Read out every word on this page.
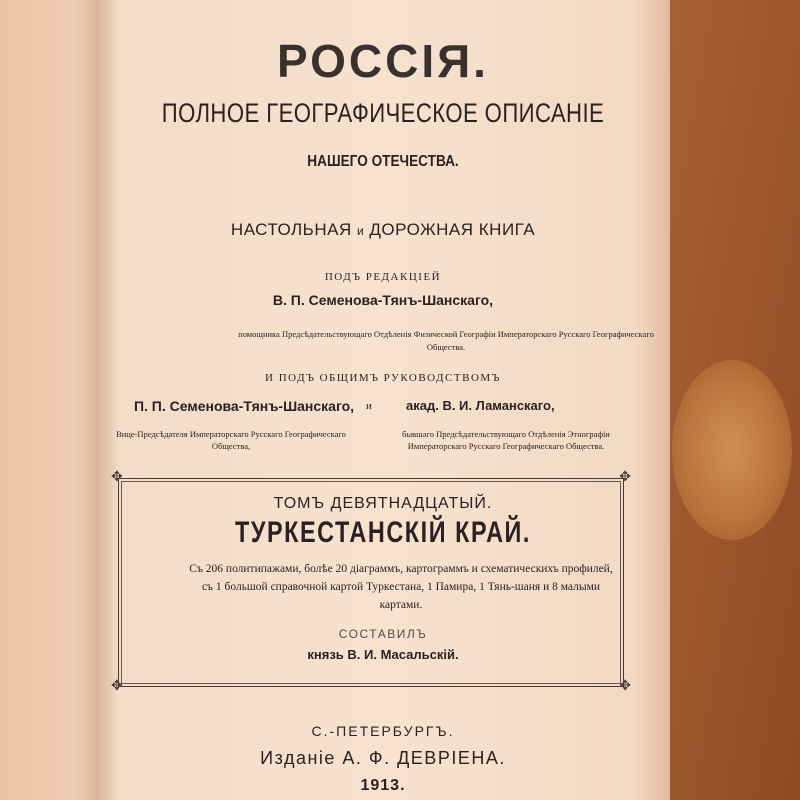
РОССІЯ.
ПОЛНОЕ ГЕОГРАФИЧЕСКОЕ ОПИСАНІЕ
НАШЕГО ОТЕЧЕСТВА.
НАСТОЛЬНАЯ и ДОРОЖНАЯ КНИГА
ПОДЪ РЕДАКЦІЕЙ
В. П. Семенова-Тянъ-Шанскаго,
помощника Предсѣдательствующаго Отдѣленія Физической Географіи Императорскаго Русскаго Географическаго Общества.
И ПОДЪ ОБЩИМЪ РУКОВОДСТВОМЪ
П. П. Семенова-Тянъ-Шанскаго,	и	акад. В. И. Ламанскаго,
Вице-Предсѣдателя Императорскаго Русскаго Географическаго Общества,
бывшаго Предсѣдательствующаго Отдѣленія Этнографіи Императорскаго Русскаго Географическаго Общества.
✥	✥
✥	✥
ТОМЪ ДЕВЯТНАДЦАТЫЙ.
ТУРКЕСТАНСКІЙ КРАЙ.
Съ 206 политипажами, болѣе 20 діаграммъ, картограммъ и схематическихъ профилей, съ 1 большой справочной картой Туркестана, 1 Памира, 1 Тянь-шаня и 8 малыми картами.
СОСТАВИЛЪ
князь В. И. Масальскій.
С.-ПЕТЕРБУРГЪ.
Изданіе А. Ф. ДЕВРІЕНА.
1913.
